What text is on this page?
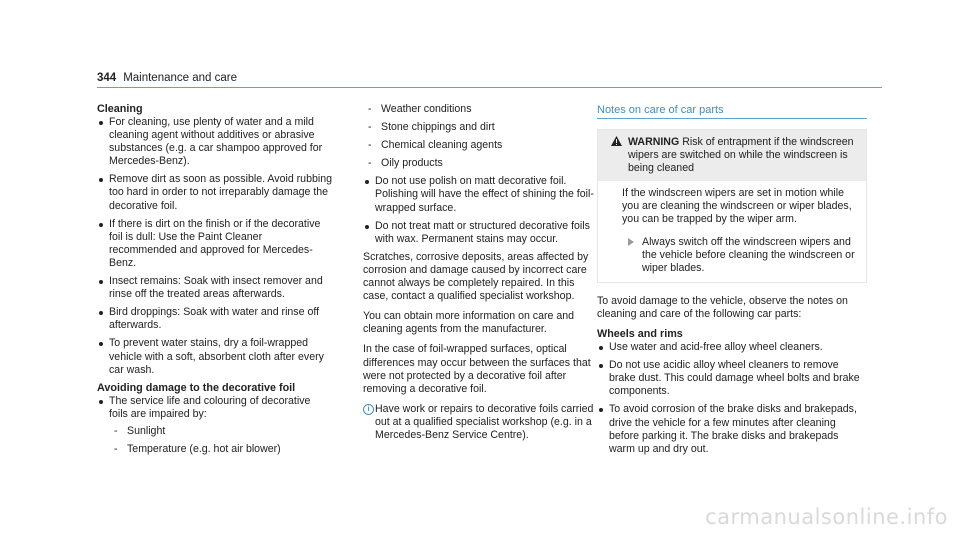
344 Maintenance and care
Cleaning
For cleaning, use plenty of water and a mild cleaning agent without additives or abrasive substances (e.g. a car shampoo approved for Mercedes-Benz).
Remove dirt as soon as possible. Avoid rubbing too hard in order to not irreparably damage the decorative foil.
If there is dirt on the finish or if the decorative foil is dull: Use the Paint Cleaner recommended and approved for Mercedes-Benz.
Insect remains: Soak with insect remover and rinse off the treated areas afterwards.
Bird droppings: Soak with water and rinse off afterwards.
To prevent water stains, dry a foil-wrapped vehicle with a soft, absorbent cloth after every car wash.
Avoiding damage to the decorative foil
The service life and colouring of decorative foils are impaired by:
- Sunlight
- Temperature (e.g. hot air blower)
- Weather conditions
- Stone chippings and dirt
- Chemical cleaning agents
- Oily products
Do not use polish on matt decorative foil. Polishing will have the effect of shining the foil-wrapped surface.
Do not treat matt or structured decorative foils with wax. Permanent stains may occur.

Scratches, corrosive deposits, areas affected by corrosion and damage caused by incorrect care cannot always be completely repaired. In this case, contact a qualified specialist workshop.

You can obtain more information on care and cleaning agents from the manufacturer.

In the case of foil-wrapped surfaces, optical differences may occur between the surfaces that were not protected by a decorative foil after removing a decorative foil.

i Have work or repairs to decorative foils carried out at a qualified specialist workshop (e.g. in a Mercedes-Benz Service Centre).
Notes on care of car parts
WARNING Risk of entrapment if the windscreen wipers are switched on while the windscreen is being cleaned

If the windscreen wipers are set in motion while you are cleaning the windscreen or wiper blades, you can be trapped by the wiper arm.

Always switch off the windscreen wipers and the vehicle before cleaning the windscreen or wiper blades.

To avoid damage to the vehicle, observe the notes on cleaning and care of the following car parts:

Wheels and rims
Use water and acid-free alloy wheel cleaners.
Do not use acidic alloy wheel cleaners to remove brake dust. This could damage wheel bolts and brake components.
To avoid corrosion of the brake disks and brakepads, drive the vehicle for a few minutes after cleaning before parking it. The brake disks and brakepads warm up and dry out.
carmanualsonline.info
